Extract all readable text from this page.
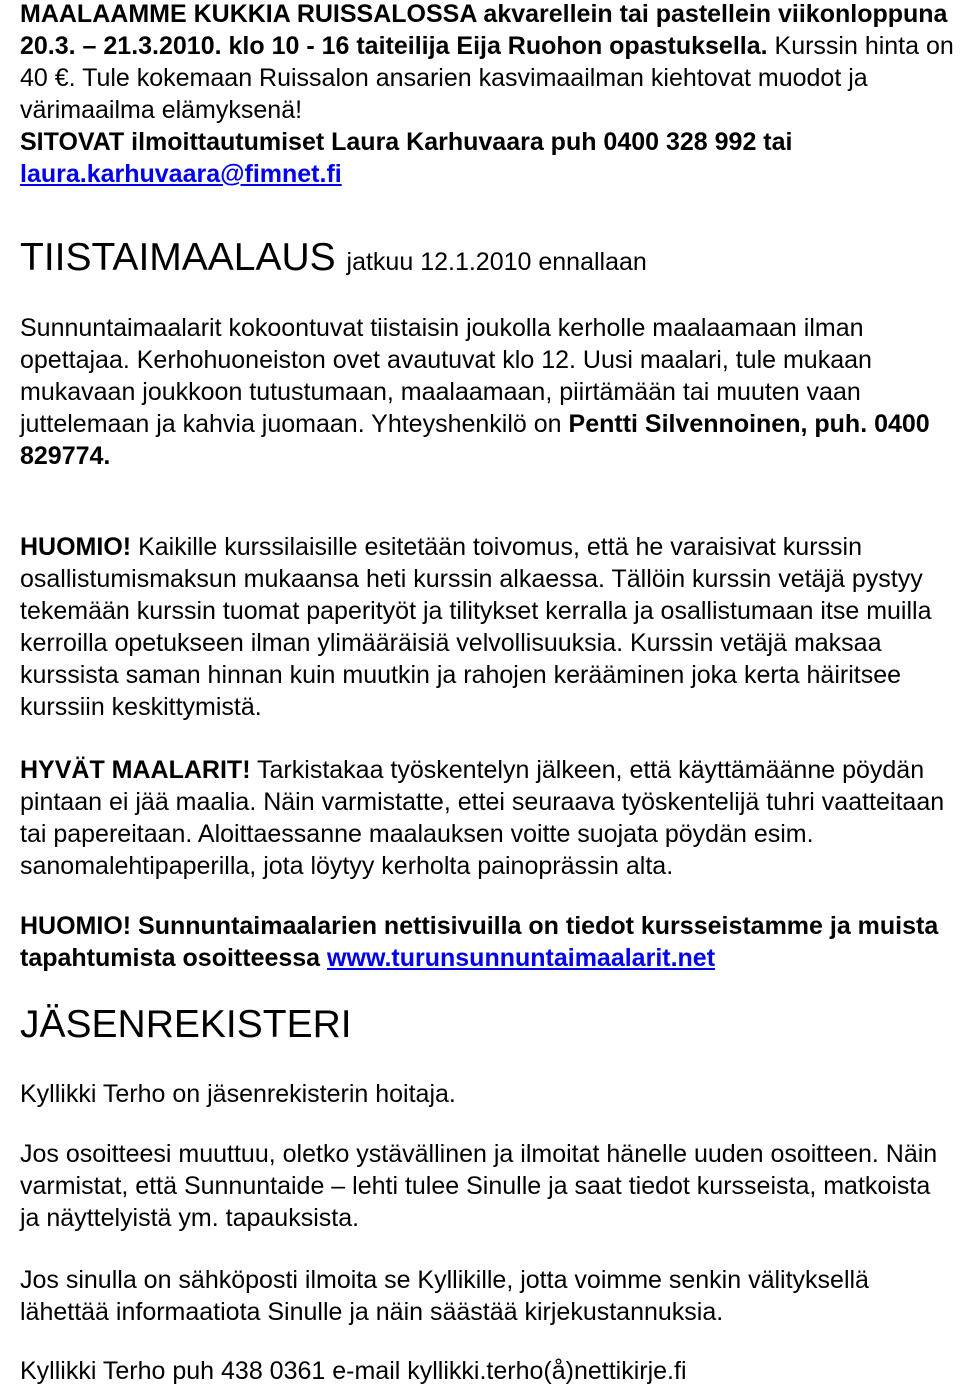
MAALAAMME KUKKIA RUISSALOSSA akvarellein tai pastellein viikonloppuna 20.3. – 21.3.2010. klo 10 - 16 taiteilija Eija Ruohon opastuksella. Kurssin hinta on 40 €. Tule kokemaan Ruissalon ansarien kasvimaailman kiehtovat muodot ja värimaailma elämyksenä!
SITOVAT ilmoittautumiset Laura Karhuvaara puh 0400 328 992 tai laura.karhuvaara@fimnet.fi

TIISTAIMAALAUS jatkuu 12.1.2010 ennallaan

Sunnuntaimaalarit kokoontuvat tiistaisin joukolla kerholle maalaamaan ilman opettajaa. Kerhohuoneiston ovet avautuvat klo 12. Uusi maalari, tule mukaan mukavaan joukkoon tutustumaan, maalaamaan, piirtämään tai muuten vaan juttelemaan ja kahvia juomaan. Yhteyshenkilö on Pentti Silvennoinen, puh. 0400 829774.

HUOMIO! Kaikille kurssilaisille esitetään toivomus, että he varaisivat kurssin osallistumismaksun mukaansa heti kurssin alkaessa. Tällöin kurssin vetäjä pystyy tekemään kurssin tuomat paperityöt ja tilitykset kerralla ja osallistumaan itse muilla kerroilla opetukseen ilman ylimääräisiä velvollisuuksia. Kurssin vetäjä maksaa kurssista saman hinnan kuin muutkin ja rahojen kerääminen joka kerta häiritsee kurssiin keskittymistä.

HYVÄT MAALARIT! Tarkistakaa työskentelyn jälkeen, että käyttämäänne pöydän pintaan ei jää maalia. Näin varmistatte, ettei seuraava työskentelijä tuhri vaatteitaan tai papereitaan. Aloittaessanne maalauksen voitte suojata pöydän esim. sanomalehtipaperilla, jota löytyy kerholta painoprässin alta.

HUOMIO! Sunnuntaimaalarien nettisivuilla on tiedot kursseistamme ja muista tapahtumista osoitteessa www.turunsunnuntaimaalarit.net

JÄSENREKISTERI

Kyllikki Terho on jäsenrekisterin hoitaja.

Jos osoitteesi muuttuu, oletko ystävällinen ja ilmoitat hänelle uuden osoitteen. Näin varmistat, että Sunnuntaide – lehti tulee Sinulle ja saat tiedot kursseista, matkoista ja näyttelyistä ym. tapauksista.

Jos sinulla on sähköposti ilmoita se Kyllikille, jotta voimme senkin välityksellä lähettää informaatiota Sinulle ja näin säästää kirjekustannuksia.

Kyllikki Terho puh 438 0361 e-mail kyllikki.terho(å)nettikirje.fi
